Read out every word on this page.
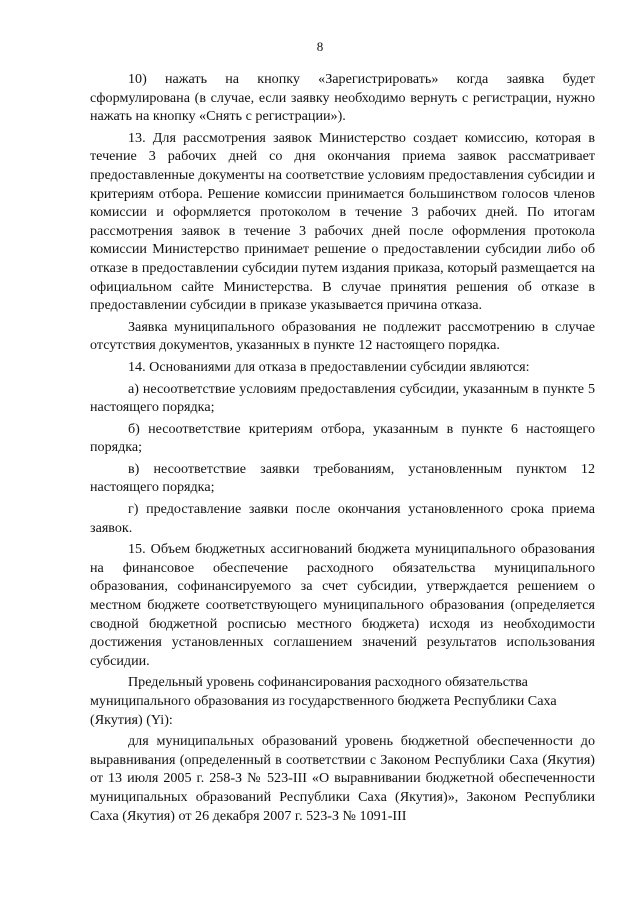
8

10) нажать на кнопку «Зарегистрировать» когда заявка будет сформулирована (в случае, если заявку необходимо вернуть с регистрации, нужно нажать на кнопку «Снять с регистрации»).

13. Для рассмотрения заявок Министерство создает комиссию, которая в течение 3 рабочих дней со дня окончания приема заявок рассматривает предоставленные документы на соответствие условиям предоставления субсидии и критериям отбора. Решение комиссии принимается большинством голосов членов комиссии и оформляется протоколом в течение 3 рабочих дней. По итогам рассмотрения заявок в течение 3 рабочих дней после оформления протокола комиссии Министерство принимает решение о предоставлении субсидии либо об отказе в предоставлении субсидии путем издания приказа, который размещается на официальном сайте Министерства. В случае принятия решения об отказе в предоставлении субсидии в приказе указывается причина отказа.

Заявка муниципального образования не подлежит рассмотрению в случае отсутствия документов, указанных в пункте 12 настоящего порядка.

14. Основаниями для отказа в предоставлении субсидии являются:

а) несоответствие условиям предоставления субсидии, указанным в пункте 5 настоящего порядка;

б) несоответствие критериям отбора, указанным в пункте 6 настоящего порядка;

в) несоответствие заявки требованиям, установленным пунктом 12 настоящего порядка;

г) предоставление заявки после окончания установленного срока приема заявок.

15. Объем бюджетных ассигнований бюджета муниципального образования на финансовое обеспечение расходного обязательства муниципального образования, софинансируемого за счет субсидии, утверждается решением о местном бюджете соответствующего муниципального образования (определяется сводной бюджетной росписью местного бюджета) исходя из необходимости достижения установленных соглашением значений результатов использования субсидии.

Предельный уровень софинансирования расходного обязательства муниципального образования из государственного бюджета Республики Саха (Якутия) (Yi):

для муниципальных образований уровень бюджетной обеспеченности до выравнивания (определенный в соответствии с Законом Республики Саха (Якутия) от 13 июля 2005 г. 258-З № 523-III «О выравнивании бюджетной обеспеченности муниципальных образований Республики Саха (Якутия)», Законом Республики Саха (Якутия) от 26 декабря 2007 г. 523-З № 1091-III
